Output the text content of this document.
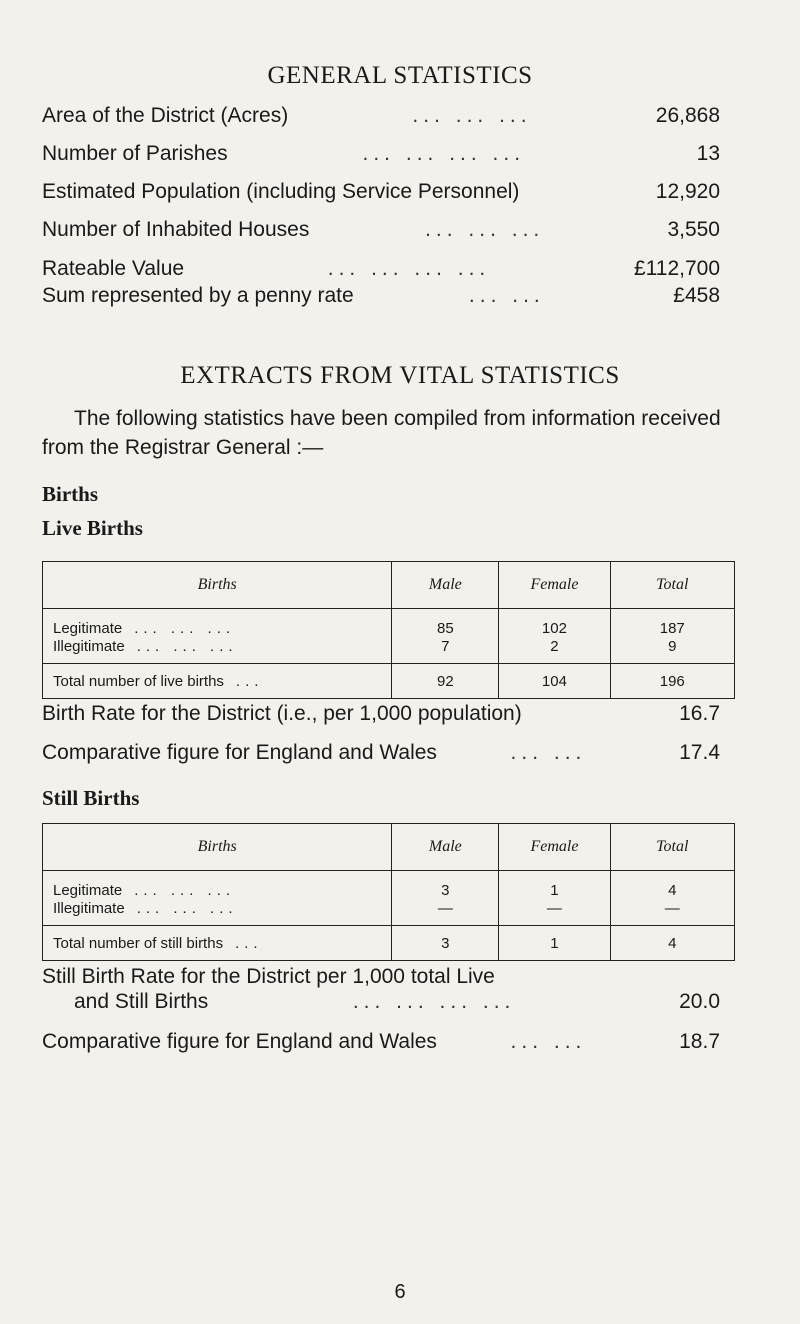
GENERAL STATISTICS
Area of the District (Acres)	... ... ...	26,868
Number of Parishes	... ... ... ...	13
Estimated Population (including Service Personnel)	12,920
Number of Inhabited Houses	... ... ...	3,550
Rateable Value	... ... ... ...	£112,700
Sum represented by a penny rate	... ...	£458
EXTRACTS FROM VITAL STATISTICS
The following statistics have been compiled from information received from the Registrar General :—
Births
Live Births
Births	Male	Female	Total
Legitimate ... ... ...	85	102	187
Illegitimate ... ... ...	7	2	9
Total number of live births ...	92	104	196
Birth Rate for the District (i.e., per 1,000 population)	16.7
Comparative figure for England and Wales	... ...	17.4
Still Births
Births	Male	Female	Total
Legitimate ... ... ...	3	1	4
Illegitimate ... ... ...	—	—	—
Total number of still births ...	3	1	4
Still Birth Rate for the District per 1,000 total Live
and Still Births	... ... ... ...	20.0
Comparative figure for England and Wales	... ...	18.7
6
